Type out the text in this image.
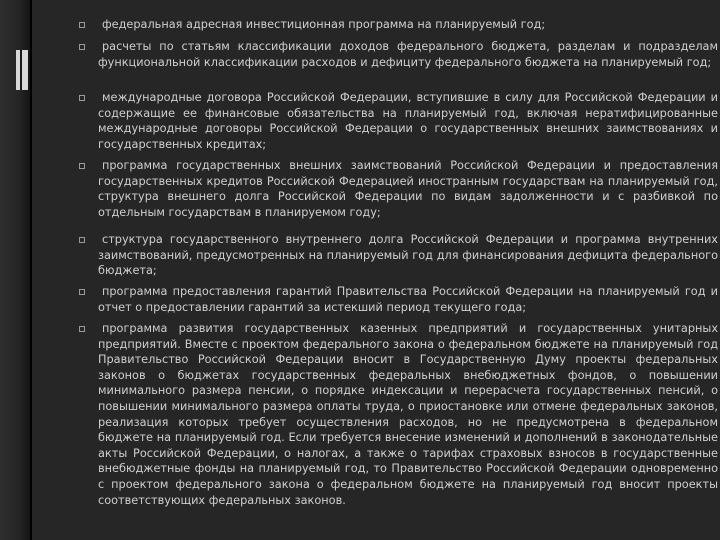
федеральная адресная инвестиционная программа на планируемый год;
расчеты по статьям классификации доходов федерального бюджета, разделам и подразделам функциональной классификации расходов и дефициту федерального бюджета на планируемый год;
международные договора Российской Федерации, вступившие в силу для Российской Федерации и содержащие ее финансовые обязательства на планируемый год, включая нератифицированные международные договоры Российской Федерации о государственных внешних заимствованиях и государственных кредитах;
программа государственных внешних заимствований Российской Федерации и предоставления государственных кредитов Российской Федерацией иностранным государствам на планируемый год, структура внешнего долга Российской Федерации по видам задолженности и с разбивкой по отдельным государствам в планируемом году;
структура государственного внутреннего долга Российской Федерации и программа внутренних заимствований, предусмотренных на планируемый год для финансирования дефицита федерального бюджета;
программа предоставления гарантий Правительства Российской Федерации на планируемый год и отчет о предоставлении гарантий за истекший период текущего года;
программа развития государственных казенных предприятий и государственных унитарных предприятий. Вместе с проектом федерального закона о федеральном бюджете на планируемый год Правительство Российской Федерации вносит в Государственную Думу проекты федеральных законов о бюджетах государственных федеральных внебюджетных фондов, о повышении минимального размера пенсии, о порядке индексации и перерасчета государственных пенсий, о повышении минимального размера оплаты труда, о приостановке или отмене федеральных законов, реализация которых требует осуществления расходов, но не предусмотрена в федеральном бюджете на планируемый год. Если требуется внесение изменений и дополнений в законодательные акты Российской Федерации, о налогах, а также о тарифах страховых взносов в государственные внебюджетные фонды на планируемый год, то Правительство Российской Федерации одновременно с проектом федерального закона о федеральном бюджете на планируемый год вносит проекты соответствующих федеральных законов.
